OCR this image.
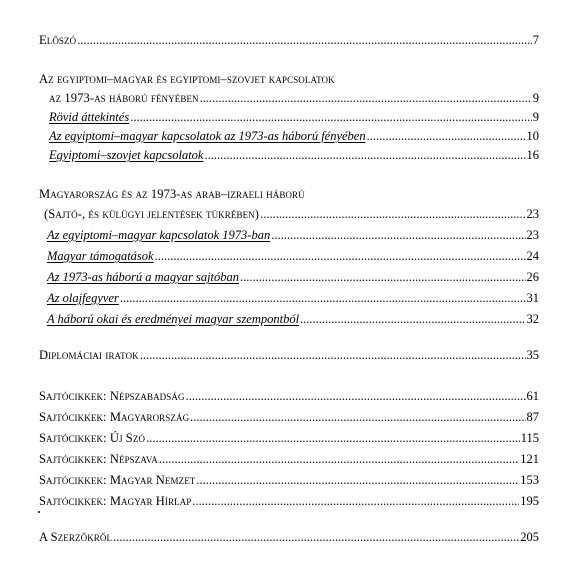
Előszó .....	7
Az egyiptomi–magyar és egyiptomi–szovjet kapcsolatok
az 1973-as háború fényében .....	9
Rövid áttekintés .....	9
Az egyiptomi–magyar kapcsolatok az 1973-as háború fényében .....	10
Egyiptomi–szovjet kapcsolatok .....	16
Magyarország és az 1973-as arab–izraeli háború
(Sajtó-, és külügyi jelentések tükrében) .....	23
Az egyiptomi–magyar kapcsolatok 1973-ban .....	23
Magyar támogatások .....	24
Az 1973-as háború a magyar sajtóban .....	26
Az olajfegyver .....	31
A háború okai és eredményei magyar szempontból .....	32
Diplomáciai iratok .....	35
Sajtócikkek: Népszabadság .....	61
Sajtócikkek: Magyarország .....	87
Sajtócikkek: Új Szó .....	115
Sajtócikkek: Népszava .....	121
Sajtócikkek: Magyar Nemzet .....	153
Sajtócikkek: Magyar Hírlap .....	195
A Szerzőkről .....	205
